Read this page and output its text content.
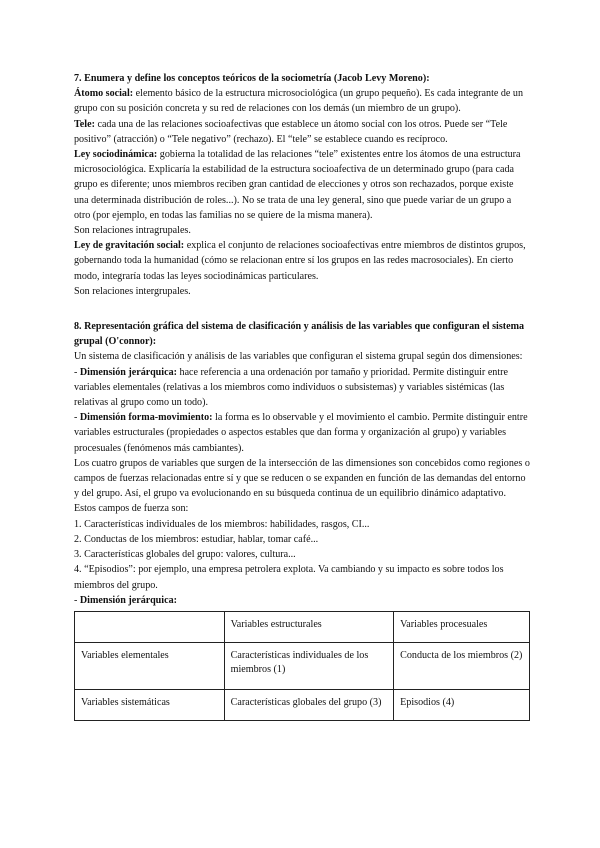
7. Enumera y define los conceptos teóricos de la sociometría (Jacob Levy Moreno):

Átomo social: elemento básico de la estructura microsociológica (un grupo pequeño). Es cada integrante de un grupo con su posición concreta y su red de relaciones con los demás (un miembro de un grupo).

Tele: cada una de las relaciones socioafectivas que establece un átomo social con los otros. Puede ser “Tele positivo” (atracción) o “Tele negativo” (rechazo). El “tele” se establece cuando es recíproco.

Ley sociodinámica: gobierna la totalidad de las relaciones “tele” existentes entre los átomos de una estructura microsociológica. Explicaría la estabilidad de la estructura socioafectiva de un determinado grupo (para cada grupo es diferente; unos miembros reciben gran cantidad de elecciones y otros son rechazados, porque existe una determinada distribución de roles...). No se trata de una ley general, sino que puede variar de un grupo a otro (por ejemplo, en todas las familias no se quiere de la misma manera).

Son relaciones intragrupales.

Ley de gravitación social: explica el conjunto de relaciones socioafectivas entre miembros de distintos grupos, gobernando toda la humanidad (cómo se relacionan entre sí los grupos en las redes macrosociales). En cierto modo, integraría todas las leyes sociodinámicas particulares.

Son relaciones intergrupales.

8. Representación gráfica del sistema de clasificación y análisis de las variables que configuran el sistema grupal (O'connor):

Un sistema de clasificación y análisis de las variables que configuran el sistema grupal según dos dimensiones:

- Dimensión jerárquica: hace referencia a una ordenación por tamaño y prioridad. Permite distinguir entre variables elementales (relativas a los miembros como individuos o subsistemas) y variables sistémicas (las relativas al grupo como un todo).

- Dimensión forma-movimiento: la forma es lo observable y el movimiento el cambio. Permite distinguir entre variables estructurales (propiedades o aspectos estables que dan forma y organización al grupo) y variables procesuales (fenómenos más cambiantes).

Los cuatro grupos de variables que surgen de la intersección de las dimensiones son concebidos como regiones o campos de fuerzas relacionadas entre sí y que se reducen o se expanden en función de las demandas del entorno y del grupo. Así, el grupo va evolucionando en su búsqueda continua de un equilibrio dinámico adaptativo. Estos campos de fuerza son:

1. Características individuales de los miembros: habilidades, rasgos, CI...

2. Conductas de los miembros: estudiar, hablar, tomar café...

3. Características globales del grupo: valores, cultura...

4. “Episodios”: por ejemplo, una empresa petrolera explota. Va cambiando y su impacto es sobre todos los miembros del grupo.

- Dimensión jerárquica:

	Variables estructurales	Variables procesuales
Variables elementales	Características individuales de los miembros (1)	Conducta de los miembros (2)
Variables sistemáticas	Características globales del grupo (3)	Episodios (4)
